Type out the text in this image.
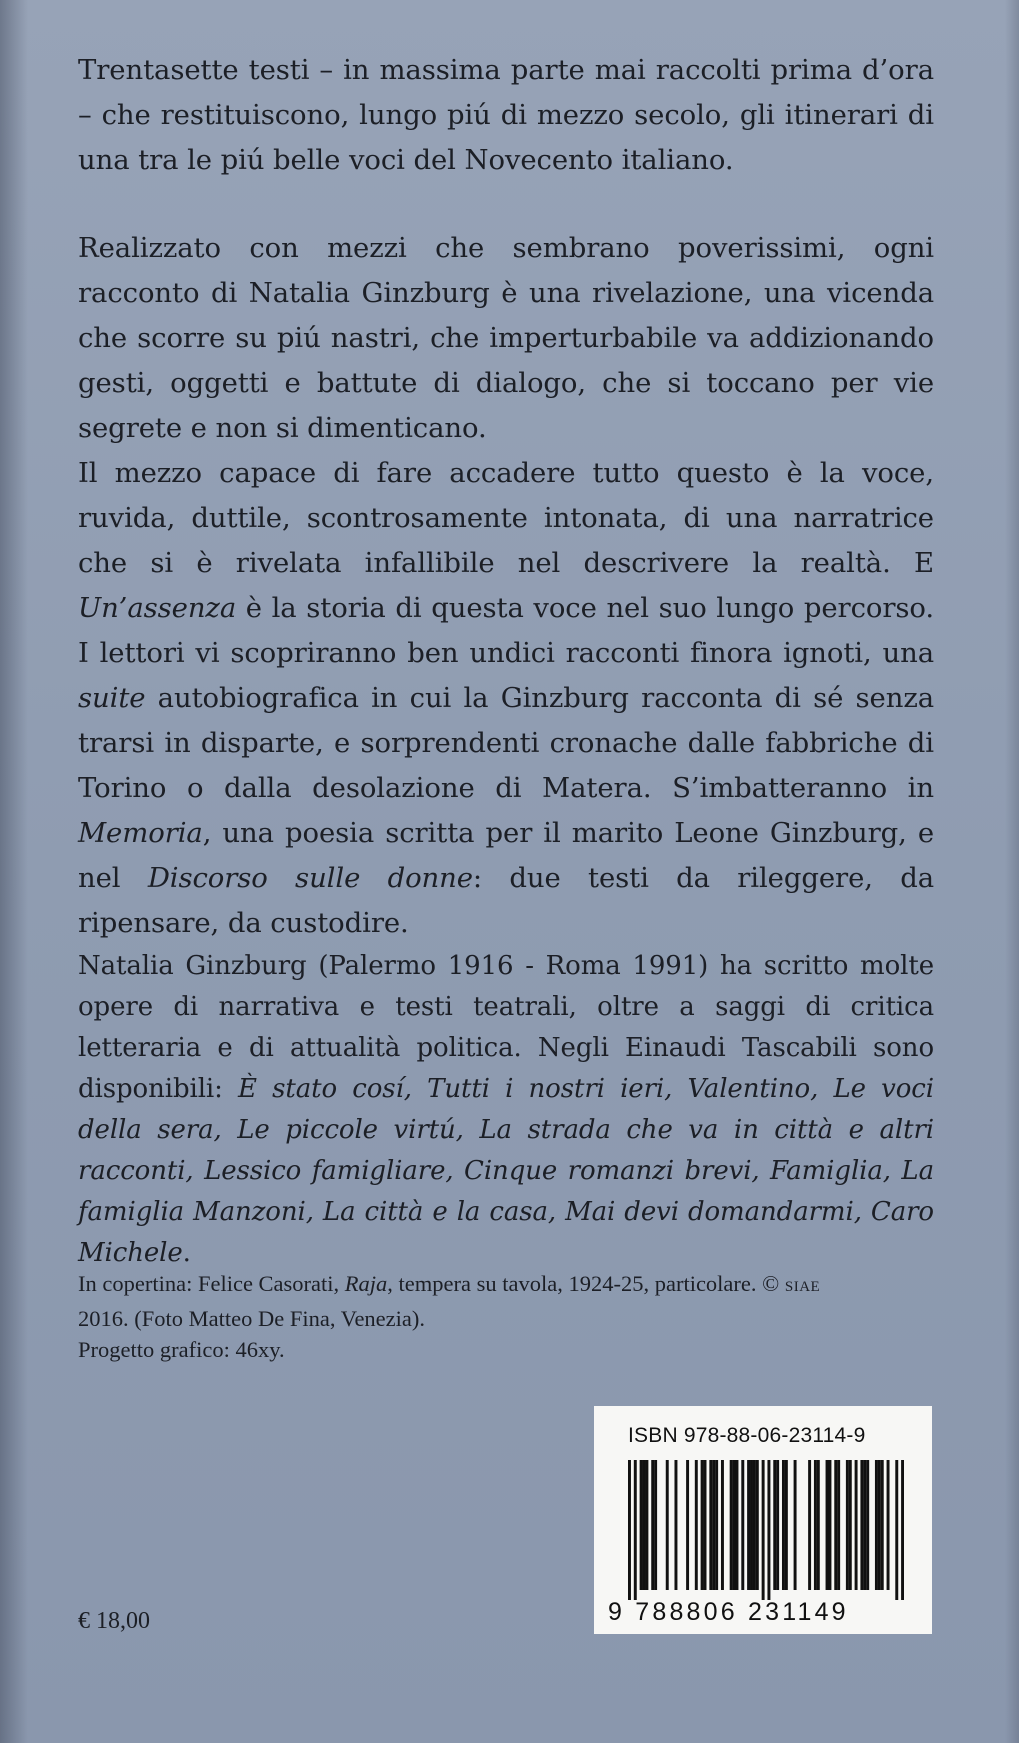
Trentasette testi – in massima parte mai raccolti prima d’ora – che restituiscono, lungo piú di mezzo secolo, gli itinerari di una tra le piú belle voci del Novecento italiano.

Realizzato con mezzi che sembrano poverissimi, ogni racconto di Natalia Ginzburg è una rivelazione, una vicenda che scorre su piú nastri, che imperturbabile va addizionando gesti, oggetti e battute di dialogo, che si toccano per vie segrete e non si dimenticano.
Il mezzo capace di fare accadere tutto questo è la voce, ruvida, duttile, scontrosamente intonata, di una narratrice che si è rivelata infallibile nel descrivere la realtà. E Un’assenza è la storia di questa voce nel suo lungo percorso. I lettori vi scopriranno ben undici racconti finora ignoti, una suite autobiografica in cui la Ginzburg racconta di sé senza trarsi in disparte, e sorprendenti cronache dalle fabbriche di Torino o dalla desolazione di Matera. S’imbatteranno in Memoria, una poesia scritta per il marito Leone Ginzburg, e nel Discorso sulle donne: due testi da rileggere, da ripensare, da custodire.

Natalia Ginzburg (Palermo 1916 - Roma 1991) ha scritto molte opere di narrativa e testi teatrali, oltre a saggi di critica letteraria e di attualità politica. Negli Einaudi Tascabili sono disponibili: È stato cosí, Tutti i nostri ieri, Valentino, Le voci della sera, Le piccole virtú, La strada che va in città e altri racconti, Lessico famigliare, Cinque romanzi brevi, Famiglia, La famiglia Manzoni, La città e la casa, Mai devi domandarmi, Caro Michele.

In copertina: Felice Casorati, Raja, tempera su tavola, 1924-25, particolare. © SIAE
2016. (Foto Matteo De Fina, Venezia).
Progetto grafico: 46xy.
€ 18,00
ISBN 978-88-06-23114-9
9 788806 231149
